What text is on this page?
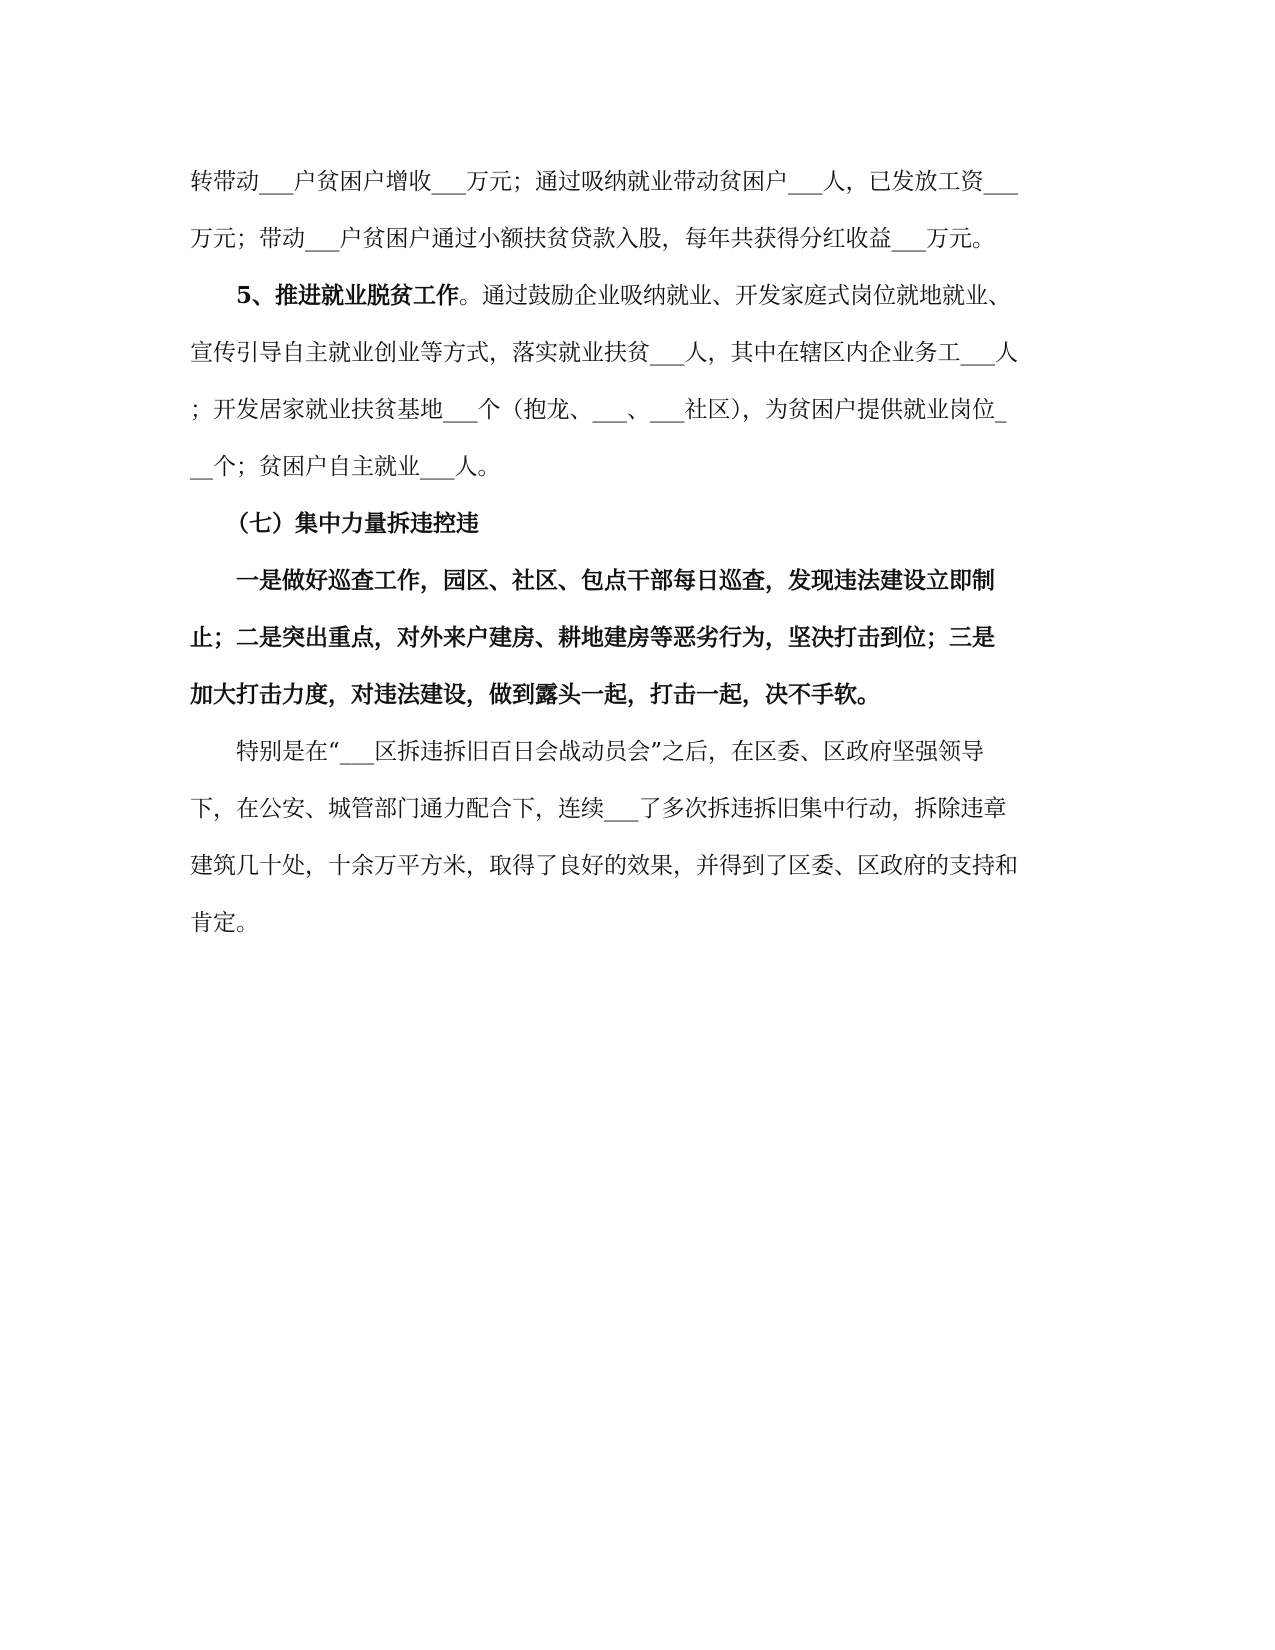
转带动___户贫困户增收___万元；通过吸纳就业带动贫困户___人，已发放工资___
万元；带动___户贫困户通过小额扶贫贷款入股，每年共获得分红收益___万元。
5、推进就业脱贫工作。通过鼓励企业吸纳就业、开发家庭式岗位就地就业、
宣传引导自主就业创业等方式，落实就业扶贫___人，其中在辖区内企业务工___人
；开发居家就业扶贫基地___个（抱龙、___、___社区），为贫困户提供就业岗位_
__个；贫困户自主就业___人。
（七）集中力量拆违控违
一是做好巡查工作，园区、社区、包点干部每日巡查，发现违法建设立即制
止；二是突出重点，对外来户建房、耕地建房等恶劣行为，坚决打击到位；三是
加大打击力度，对违法建设，做到露头一起，打击一起，决不手软。
特别是在“___区拆违拆旧百日会战动员会”之后，在区委、区政府坚强领导
下，在公安、城管部门通力配合下，连续___了多次拆违拆旧集中行动，拆除违章
建筑几十处，十余万平方米，取得了良好的效果，并得到了区委、区政府的支持和
肯定。
